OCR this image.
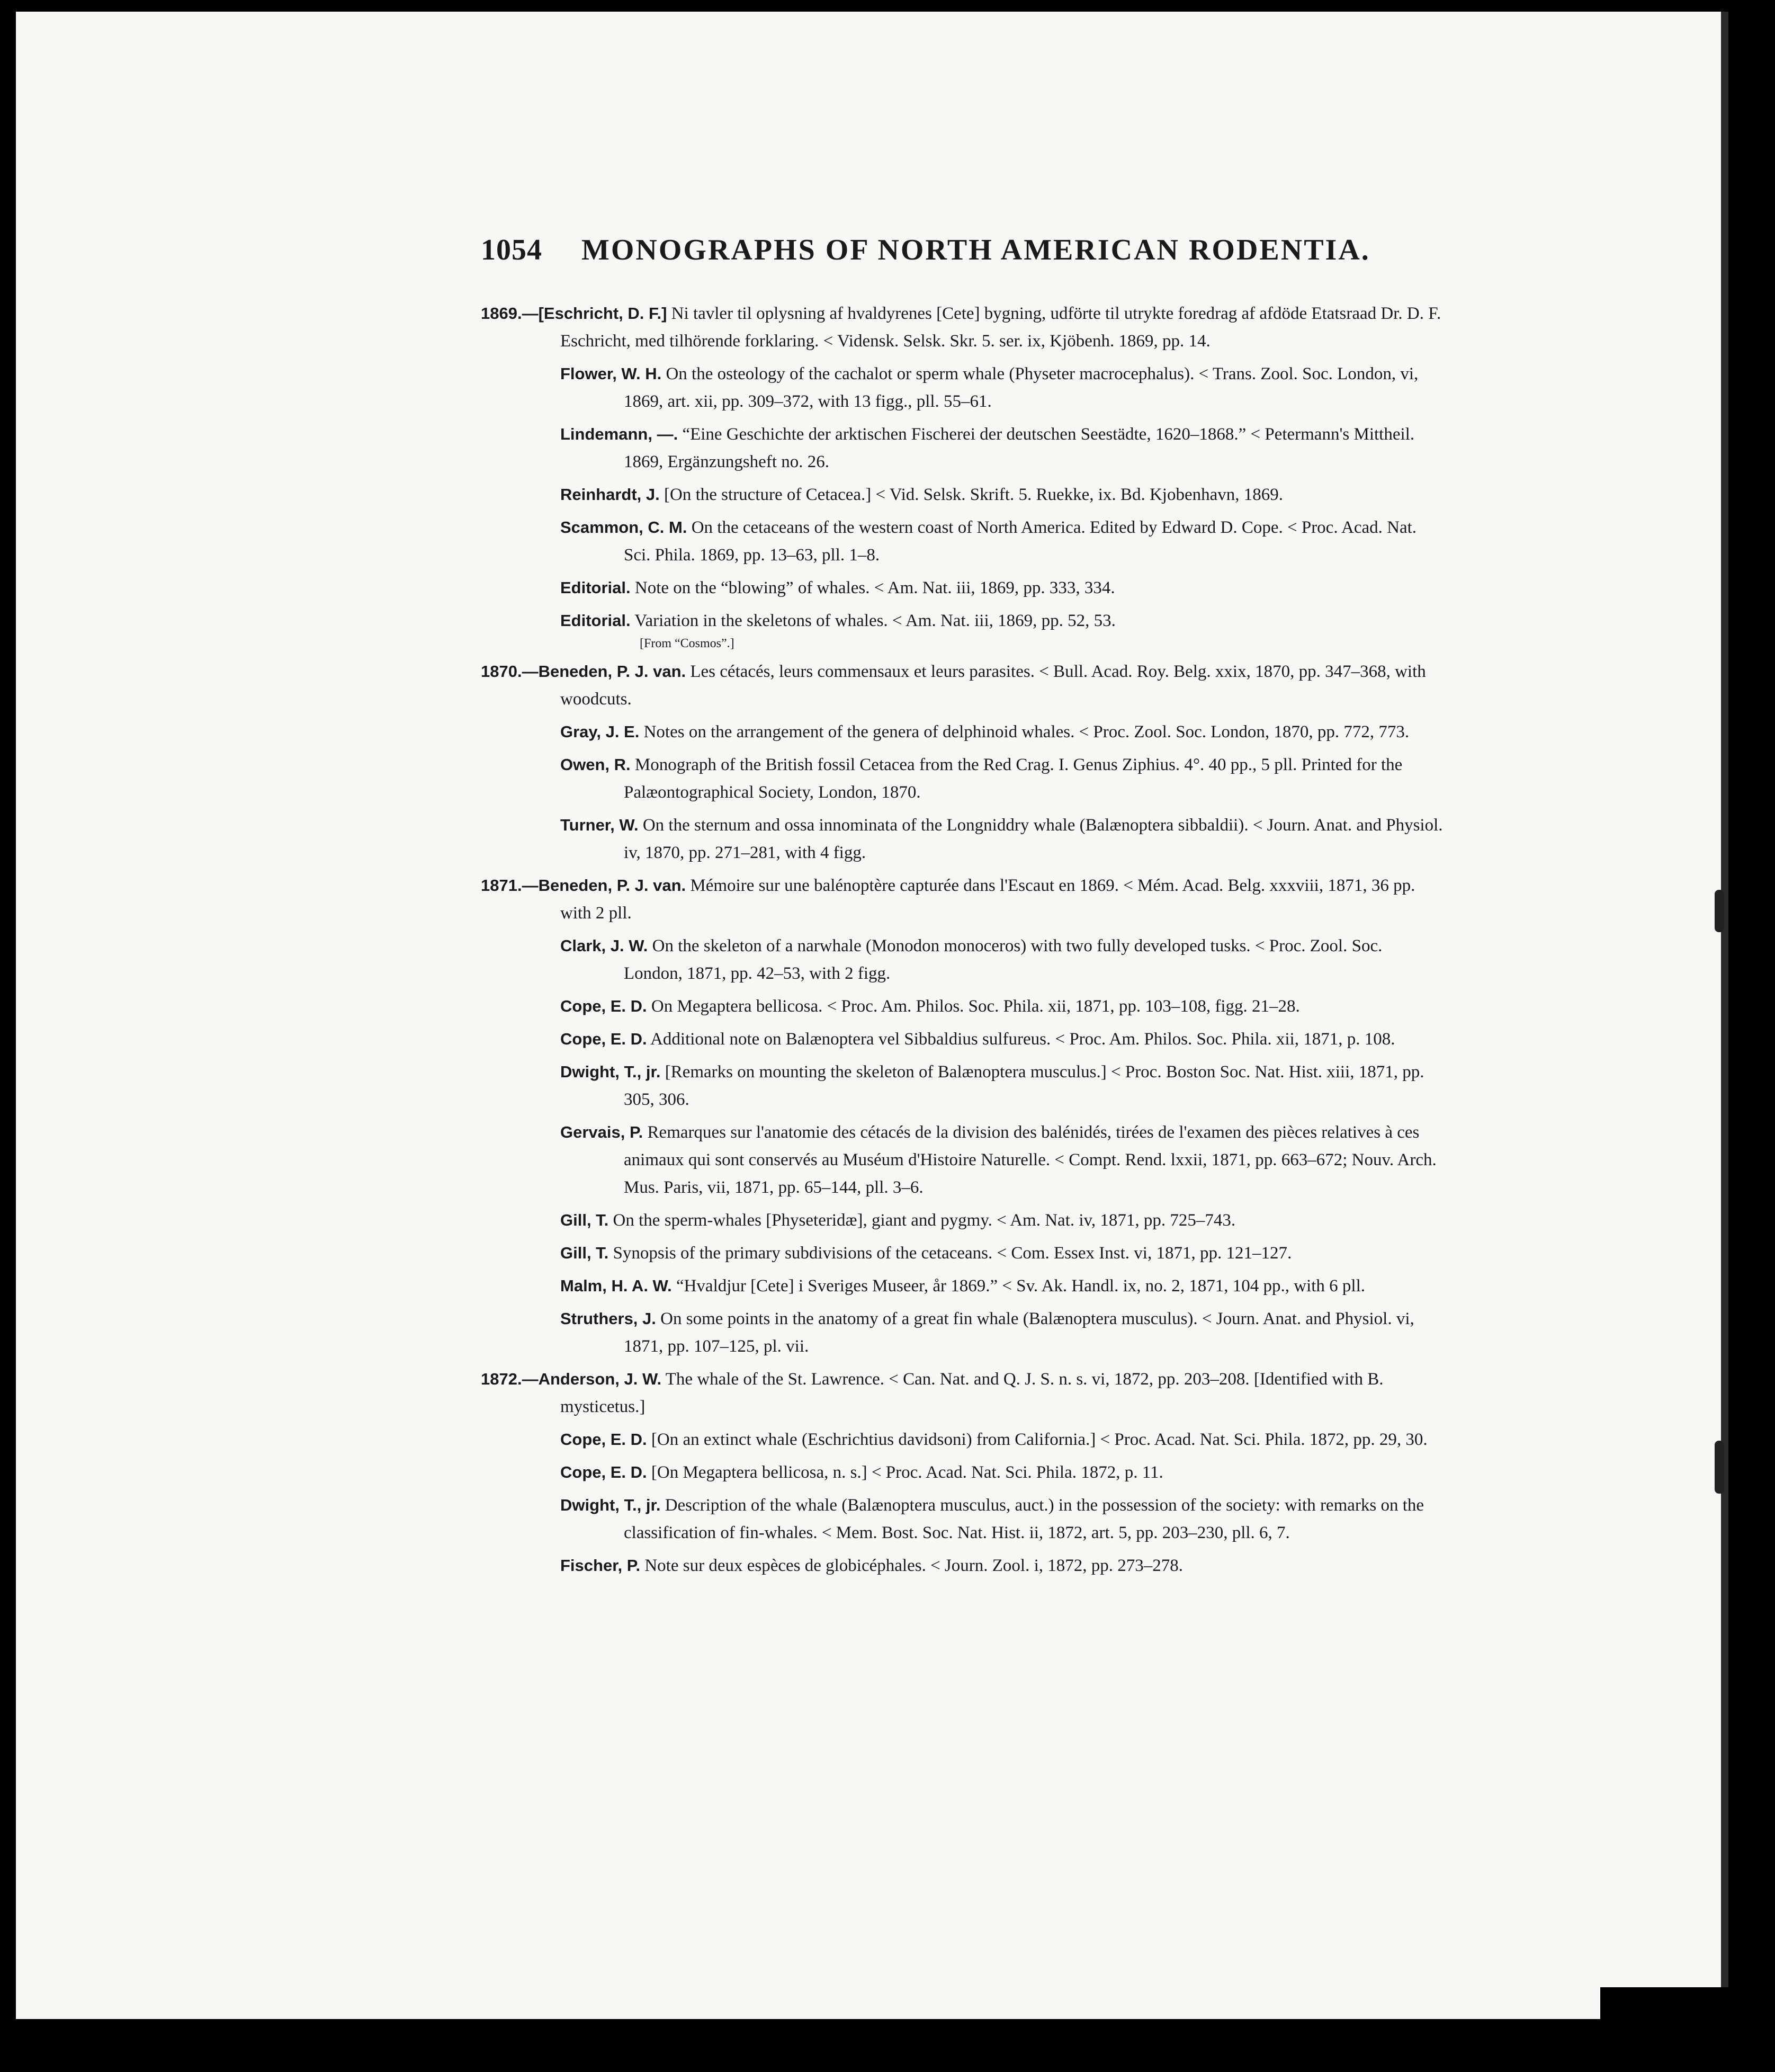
1054 MONOGRAPHS OF NORTH AMERICAN RODENTIA.
1869.—[Eschricht, D. F.] Ni tavler til oplysning af hvaldyrenes [Cete] bygning, udförte til utrykte foredrag af afdöde Etatsraad Dr. D. F. Eschricht, med tilhörende forklaring. < Vidensk. Selsk. Skr. 5. ser. ix, Kjöbenh. 1869, pp. 14.
Flower, W. H. On the osteology of the cachalot or sperm whale (Physeter macrocephalus). < Trans. Zool. Soc. London, vi, 1869, art. xii, pp. 309–372, with 13 figg., pll. 55–61.
Lindemann, —. “Eine Geschichte der arktischen Fischerei der deutschen Seestädte, 1620–1868.” < Petermann's Mittheil. 1869, Ergänzungsheft no. 26.
Reinhardt, J. [On the structure of Cetacea.] < Vid. Selsk. Skrift. 5. Ruekke, ix. Bd. Kjobenhavn, 1869.
Scammon, C. M. On the cetaceans of the western coast of North America. Edited by Edward D. Cope. < Proc. Acad. Nat. Sci. Phila. 1869, pp. 13–63, pll. 1–8.
Editorial. Note on the “blowing” of whales. < Am. Nat. iii, 1869, pp. 333, 334.
Editorial. Variation in the skeletons of whales. < Am. Nat. iii, 1869, pp. 52, 53.
[From “Cosmos”.]
1870.—Beneden, P. J. van. Les cétacés, leurs commensaux et leurs parasites. < Bull. Acad. Roy. Belg. xxix, 1870, pp. 347–368, with woodcuts.
Gray, J. E. Notes on the arrangement of the genera of delphinoid whales. < Proc. Zool. Soc. London, 1870, pp. 772, 773.
Owen, R. Monograph of the British fossil Cetacea from the Red Crag. I. Genus Ziphius. 4°. 40 pp., 5 pll. Printed for the Palæontographical Society, London, 1870.
Turner, W. On the sternum and ossa innominata of the Longniddry whale (Balænoptera sibbaldii). < Journ. Anat. and Physiol. iv, 1870, pp. 271–281, with 4 figg.
1871.—Beneden, P. J. van. Mémoire sur une balénoptère capturée dans l'Escaut en 1869. < Mém. Acad. Belg. xxxviii, 1871, 36 pp. with 2 pll.
Clark, J. W. On the skeleton of a narwhale (Monodon monoceros) with two fully developed tusks. < Proc. Zool. Soc. London, 1871, pp. 42–53, with 2 figg.
Cope, E. D. On Megaptera bellicosa. < Proc. Am. Philos. Soc. Phila. xii, 1871, pp. 103–108, figg. 21–28.
Cope, E. D. Additional note on Balænoptera vel Sibbaldius sulfureus. < Proc. Am. Philos. Soc. Phila. xii, 1871, p. 108.
Dwight, T., jr. [Remarks on mounting the skeleton of Balænoptera musculus.] < Proc. Boston Soc. Nat. Hist. xiii, 1871, pp. 305, 306.
Gervais, P. Remarques sur l'anatomie des cétacés de la division des balénidés, tirées de l'examen des pièces relatives à ces animaux qui sont conservés au Muséum d'Histoire Naturelle. < Compt. Rend. lxxii, 1871, pp. 663–672; Nouv. Arch. Mus. Paris, vii, 1871, pp. 65–144, pll. 3–6.
Gill, T. On the sperm-whales [Physeteridæ], giant and pygmy. < Am. Nat. iv, 1871, pp. 725–743.
Gill, T. Synopsis of the primary subdivisions of the cetaceans. < Com. Essex Inst. vi, 1871, pp. 121–127.
Malm, H. A. W. “Hvaldjur [Cete] i Sveriges Museer, år 1869.” < Sv. Ak. Handl. ix, no. 2, 1871, 104 pp., with 6 pll.
Struthers, J. On some points in the anatomy of a great fin whale (Balænoptera musculus). < Journ. Anat. and Physiol. vi, 1871, pp. 107–125, pl. vii.
1872.—Anderson, J. W. The whale of the St. Lawrence. < Can. Nat. and Q. J. S. n. s. vi, 1872, pp. 203–208. [Identified with B. mysticetus.]
Cope, E. D. [On an extinct whale (Eschrichtius davidsoni) from California.] < Proc. Acad. Nat. Sci. Phila. 1872, pp. 29, 30.
Cope, E. D. [On Megaptera bellicosa, n. s.] < Proc. Acad. Nat. Sci. Phila. 1872, p. 11.
Dwight, T., jr. Description of the whale (Balænoptera musculus, auct.) in the possession of the society: with remarks on the classification of fin-whales. < Mem. Bost. Soc. Nat. Hist. ii, 1872, art. 5, pp. 203–230, pll. 6, 7.
Fischer, P. Note sur deux espèces de globicéphales. < Journ. Zool. i, 1872, pp. 273–278.
